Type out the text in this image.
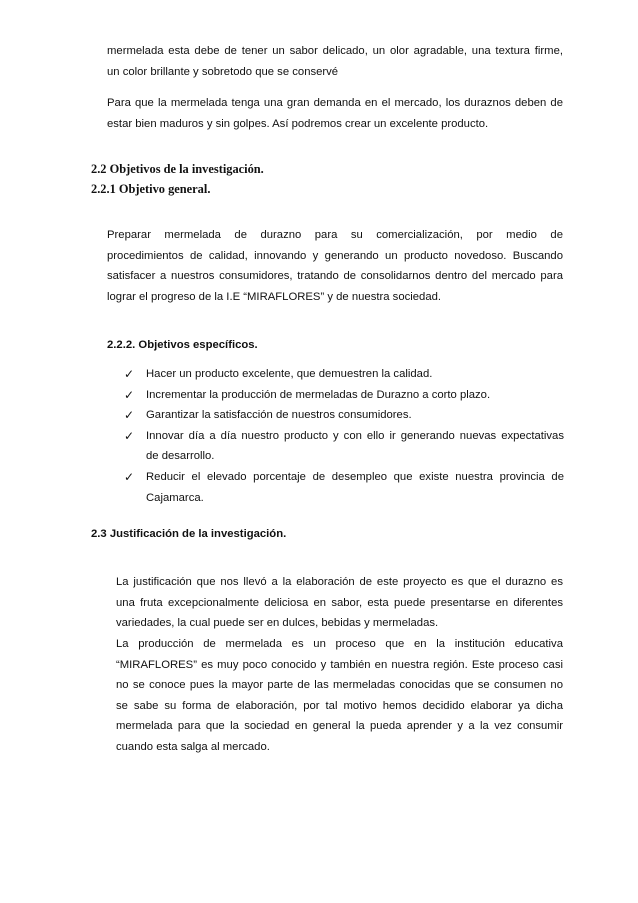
mermelada esta debe de tener un sabor delicado, un olor agradable, una textura firme,
un color brillante y sobretodo que se conservé
Para que la mermelada tenga una gran demanda en el mercado, los duraznos deben de
estar bien maduros y sin golpes. Así podremos crear un excelente producto.
2.2 Objetivos de la investigación.
2.2.1 Objetivo general.
Preparar mermelada de durazno para su comercialización, por medio de
procedimientos de calidad, innovando y generando un producto novedoso. Buscando
satisfacer a nuestros consumidores, tratando de consolidarnos dentro del mercado para
lograr el progreso de la I.E “MIRAFLORES” y de nuestra sociedad.
2.2.2. Objetivos específicos.
✓ Hacer un producto excelente, que demuestren la calidad.
✓ Incrementar la producción de mermeladas de Durazno a corto plazo.
✓ Garantizar la satisfacción de nuestros consumidores.
✓ Innovar día a día nuestro producto y con ello ir generando nuevas expectativas
de desarrollo.
✓ Reducir el elevado porcentaje de desempleo que existe nuestra provincia de
Cajamarca.
2.3 Justificación de la investigación.
La justificación que nos llevó a la elaboración de este proyecto es que el durazno es
una fruta excepcionalmente deliciosa en sabor, esta puede presentarse en diferentes
variedades, la cual puede ser en dulces, bebidas y mermeladas.
La producción de mermelada es un proceso que en la institución educativa
“MIRAFLORES” es muy poco conocido y también en nuestra región. Este proceso casi
no se conoce pues la mayor parte de las mermeladas conocidas que se consumen no
se sabe su forma de elaboración, por tal motivo hemos decidido elaborar ya dicha
mermelada para que la sociedad en general la pueda aprender y a la vez consumir
cuando esta salga al mercado.
